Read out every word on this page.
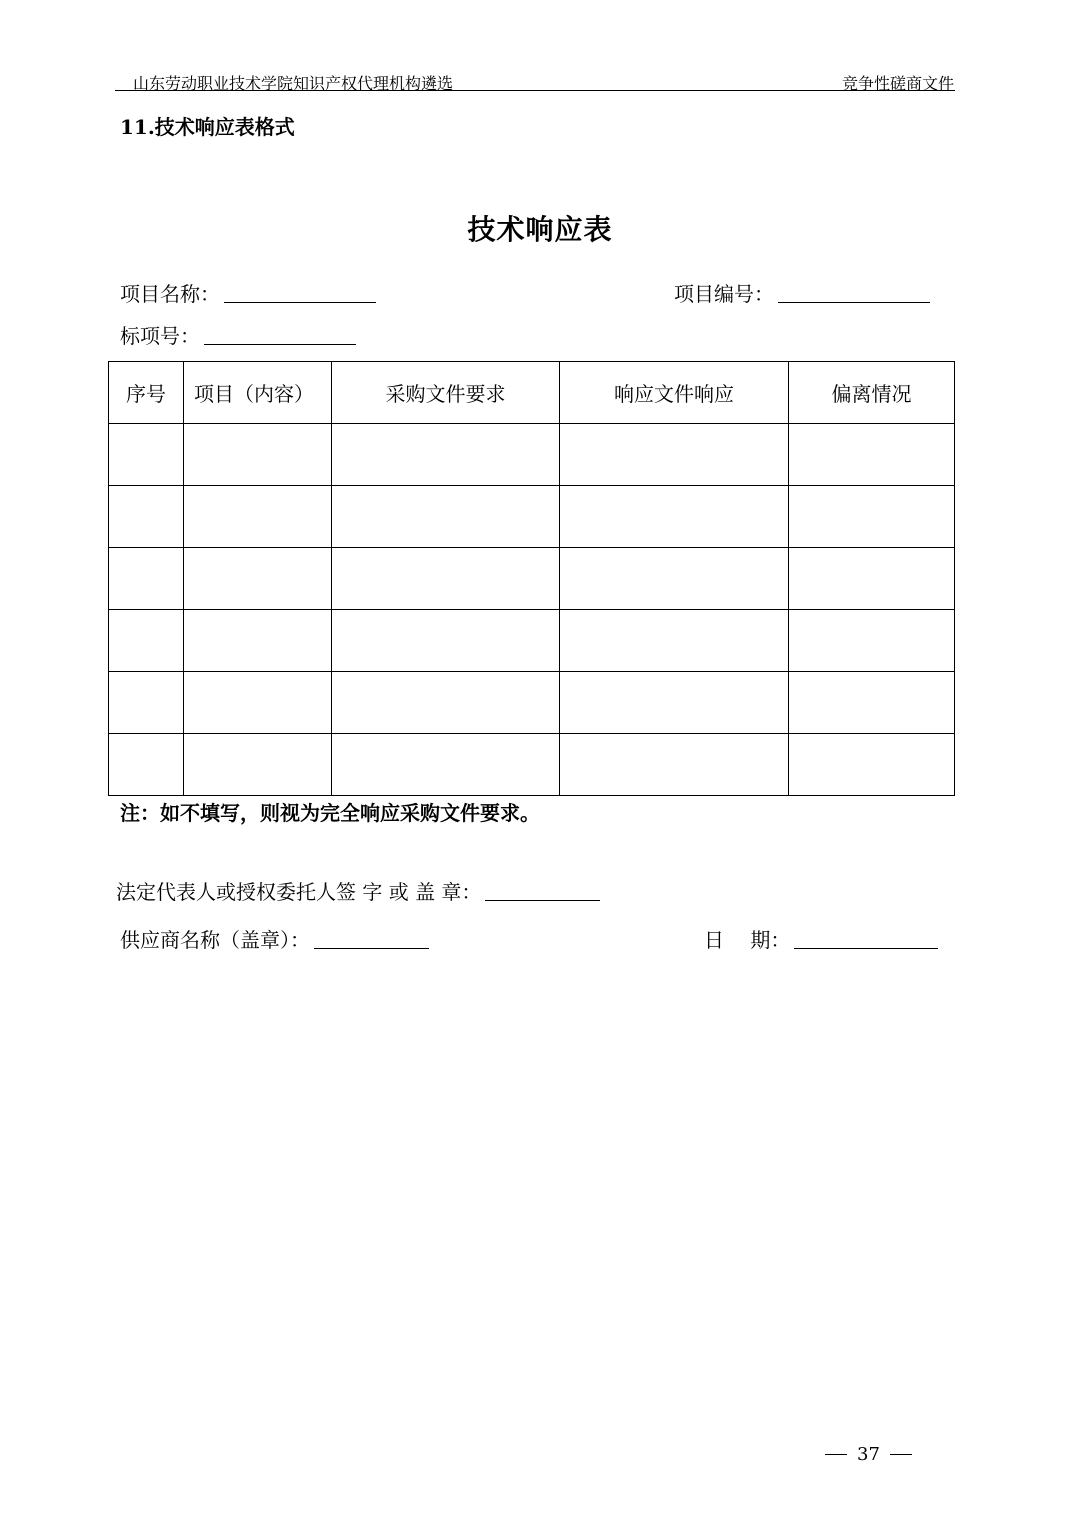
山东劳动职业技术学院知识产权代理机构遴选	竞争性磋商文件
11.技术响应表格式
技术响应表
项目名称：	项目编号：
标项号：
序号	项目（内容）	采购文件要求	响应文件响应	偏离情况

注：如不填写，则视为完全响应采购文件要求。
法定代表人或授权委托人签 字 或 盖 章：
供应商名称（盖章）：	日　 期：
37
